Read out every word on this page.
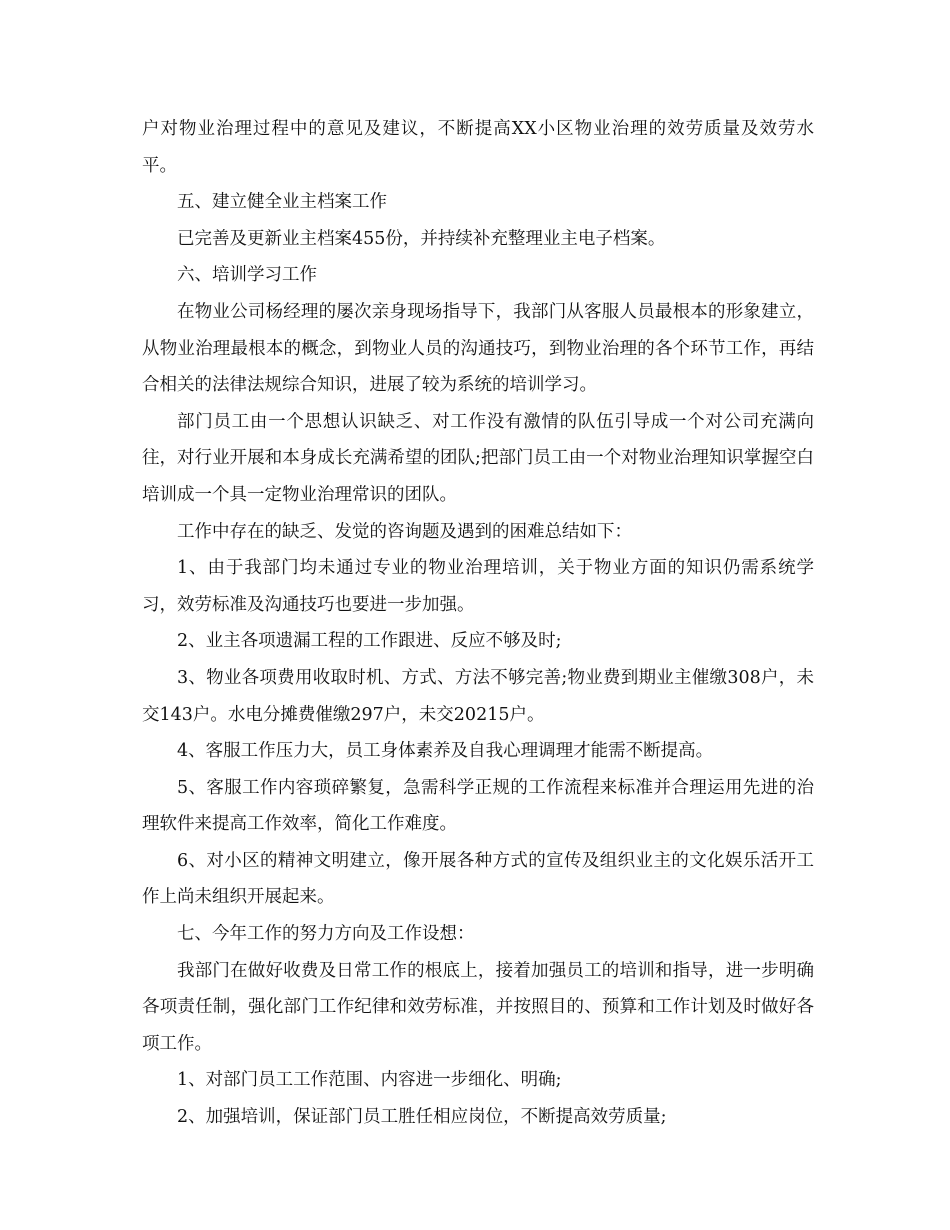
户对物业治理过程中的意见及建议，不断提高XX小区物业治理的效劳质量及效劳水平。

五、建立健全业主档案工作

已完善及更新业主档案455份，并持续补充整理业主电子档案。

六、培训学习工作

在物业公司杨经理的屡次亲身现场指导下，我部门从客服人员最根本的形象建立，从物业治理最根本的概念，到物业人员的沟通技巧，到物业治理的各个环节工作，再结合相关的法律法规综合知识，进展了较为系统的培训学习。

部门员工由一个思想认识缺乏、对工作没有激情的队伍引导成一个对公司充满向往，对行业开展和本身成长充满希望的团队;把部门员工由一个对物业治理知识掌握空白培训成一个具一定物业治理常识的团队。

工作中存在的缺乏、发觉的咨询题及遇到的困难总结如下：

1、由于我部门均未通过专业的物业治理培训，关于物业方面的知识仍需系统学习，效劳标准及沟通技巧也要进一步加强。

2、业主各项遗漏工程的工作跟进、反应不够及时;

3、物业各项费用收取时机、方式、方法不够完善;物业费到期业主催缴308户，未交143户。水电分摊费催缴297户，未交20215户。

4、客服工作压力大，员工身体素养及自我心理调理才能需不断提高。

5、客服工作内容琐碎繁复，急需科学正规的工作流程来标准并合理运用先进的治理软件来提高工作效率，简化工作难度。

6、对小区的精神文明建立，像开展各种方式的宣传及组织业主的文化娱乐活开工作上尚未组织开展起来。

七、今年工作的努力方向及工作设想：

我部门在做好收费及日常工作的根底上，接着加强员工的培训和指导，进一步明确各项责任制，强化部门工作纪律和效劳标准，并按照目的、预算和工作计划及时做好各项工作。

1、对部门员工工作范围、内容进一步细化、明确;

2、加强培训，保证部门员工胜任相应岗位，不断提高效劳质量;
